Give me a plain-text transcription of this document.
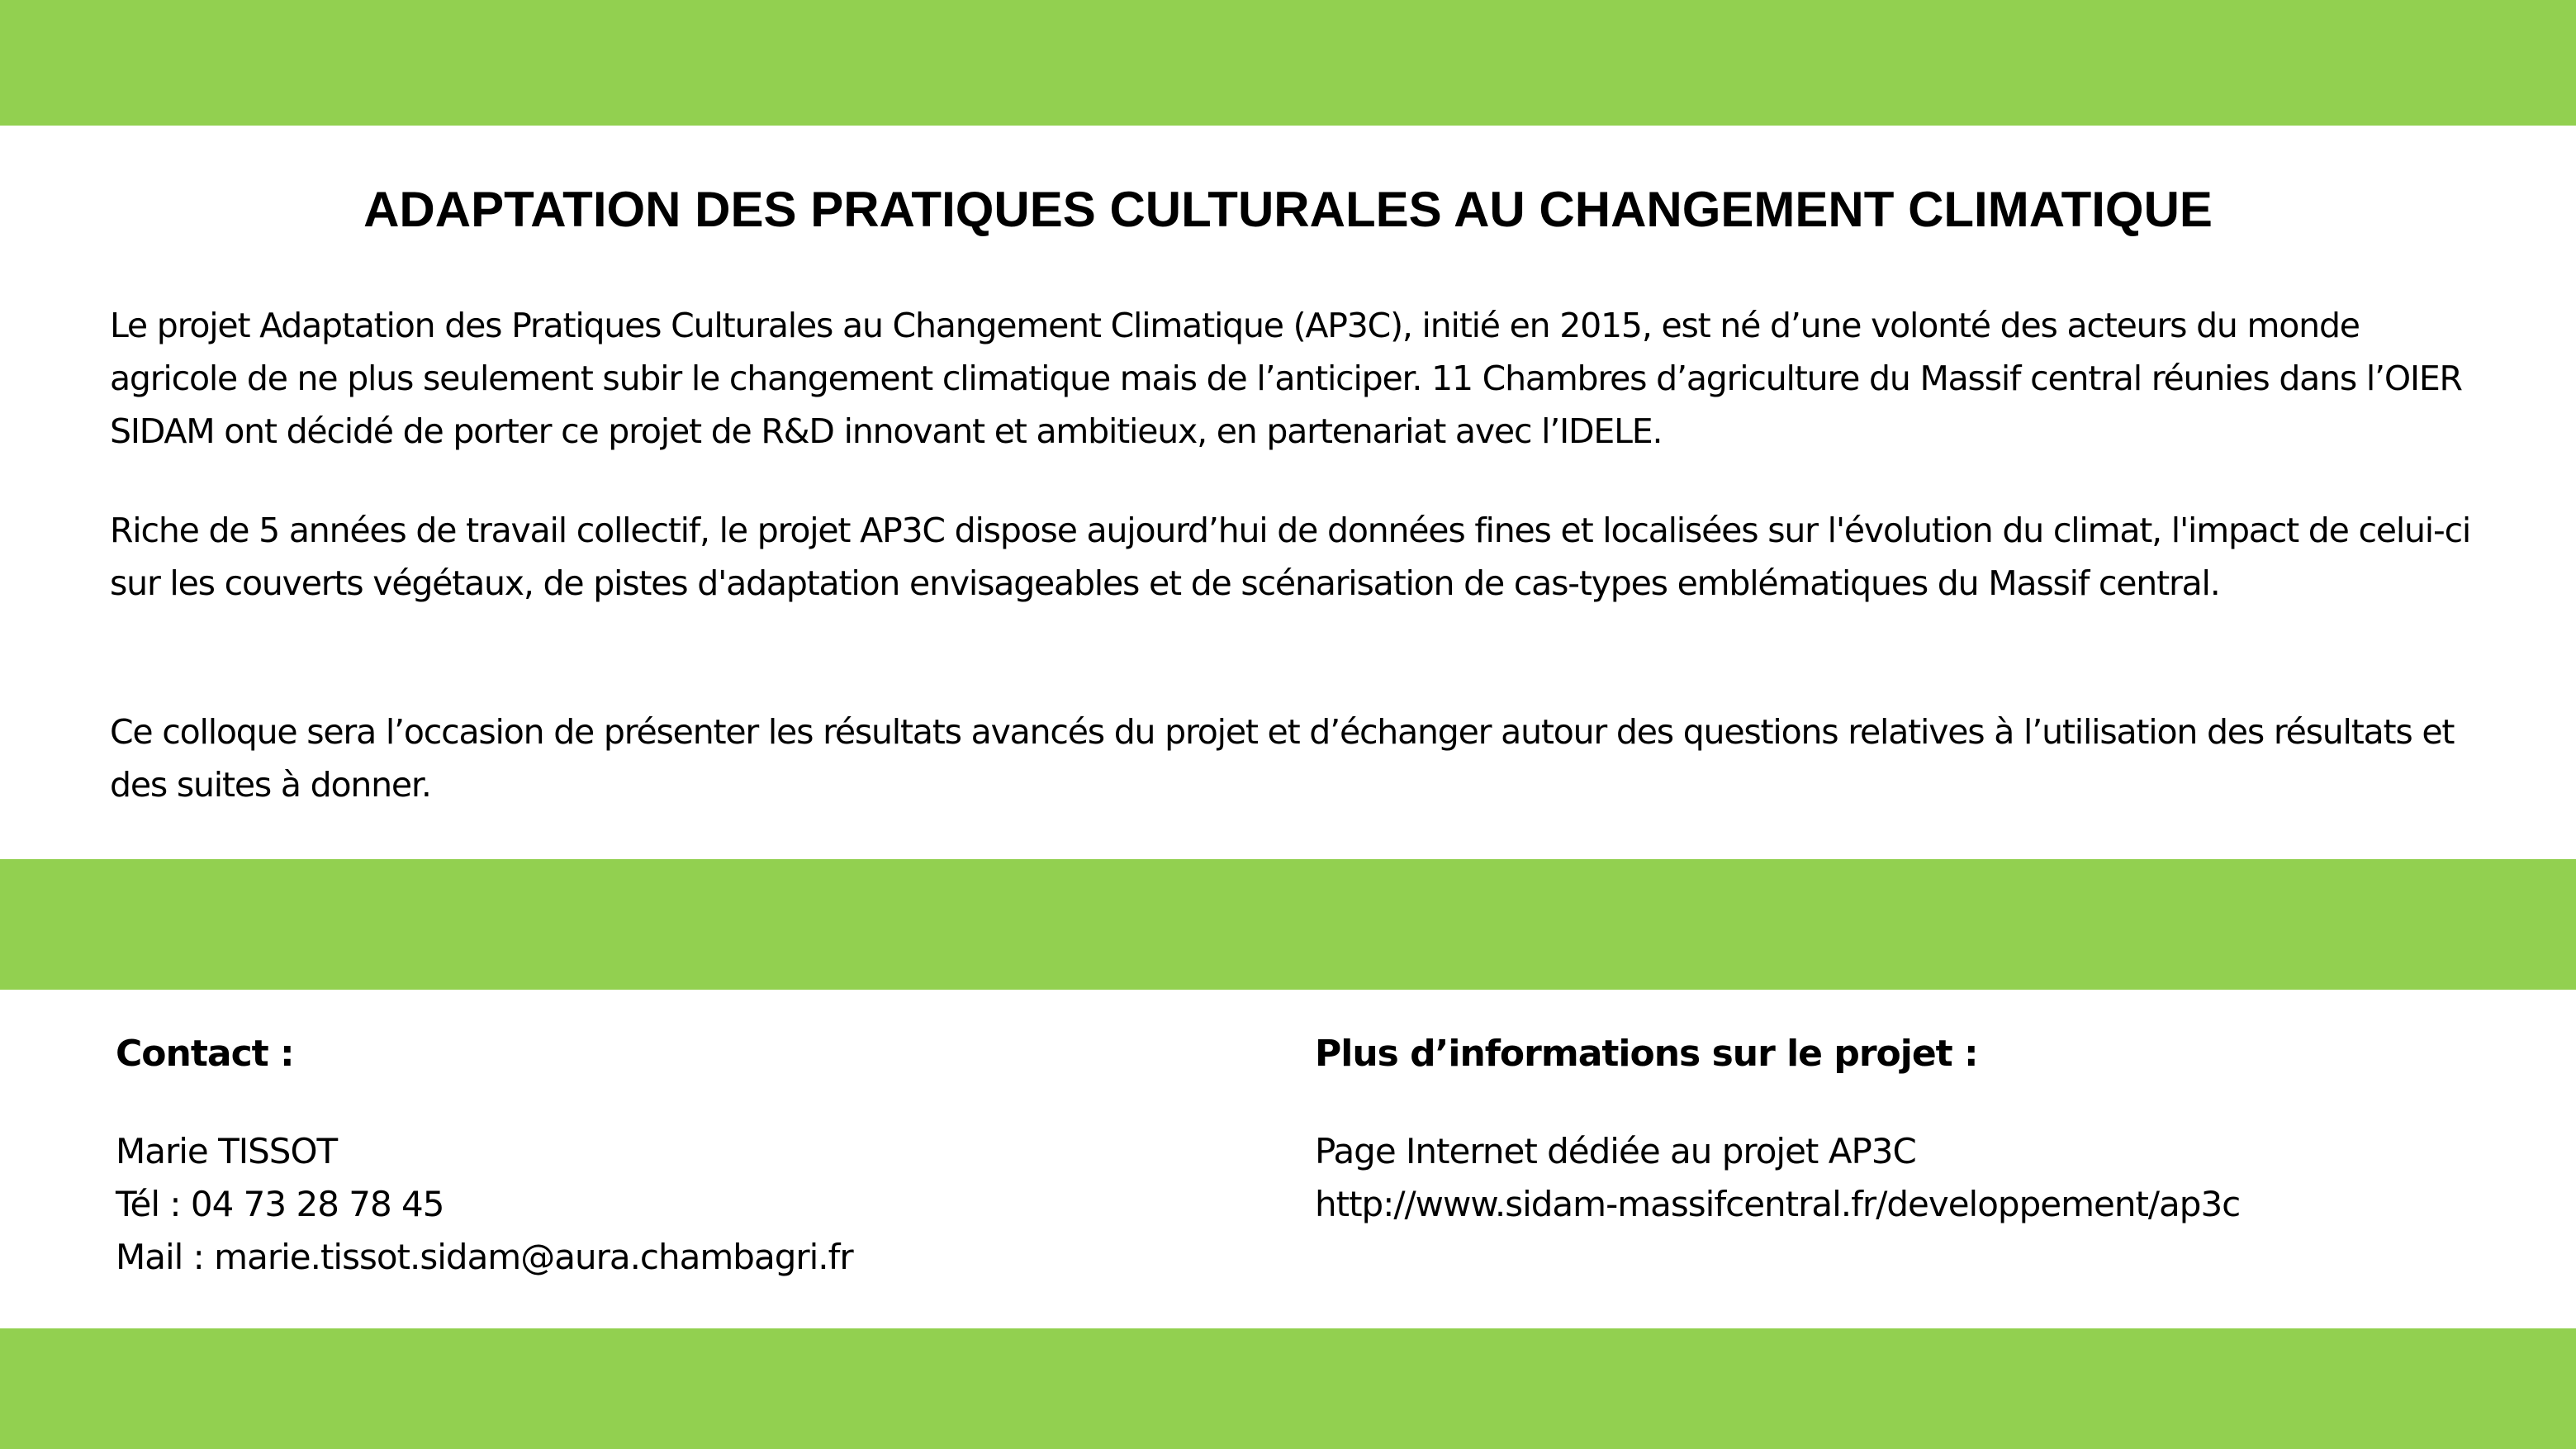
ADAPTATION DES PRATIQUES CULTURALES AU CHANGEMENT CLIMATIQUE

Le projet Adaptation des Pratiques Culturales au Changement Climatique (AP3C), initié en 2015, est né d’une volonté des acteurs du monde agricole de ne plus seulement subir le changement climatique mais de l’anticiper. 11 Chambres d’agriculture du Massif central réunies dans l’OIER SIDAM ont décidé de porter ce projet de R&D innovant et ambitieux, en partenariat avec l’IDELE.

Riche de 5 années de travail collectif, le projet AP3C dispose aujourd’hui de données fines et localisées sur l'évolution du climat, l'impact de celui-ci sur les couverts végétaux, de pistes d'adaptation envisageables et de scénarisation de cas-types emblématiques du Massif central.

Ce colloque sera l’occasion de présenter les résultats avancés du projet et d’échanger autour des questions relatives à l’utilisation des résultats et des suites à donner.

Contact :
Marie TISSOT
Tél : 04 73 28 78 45
Mail : marie.tissot.sidam@aura.chambagri.fr
Plus d’informations sur le projet :
Page Internet dédiée au projet AP3C
http://www.sidam-massifcentral.fr/developpement/ap3c
